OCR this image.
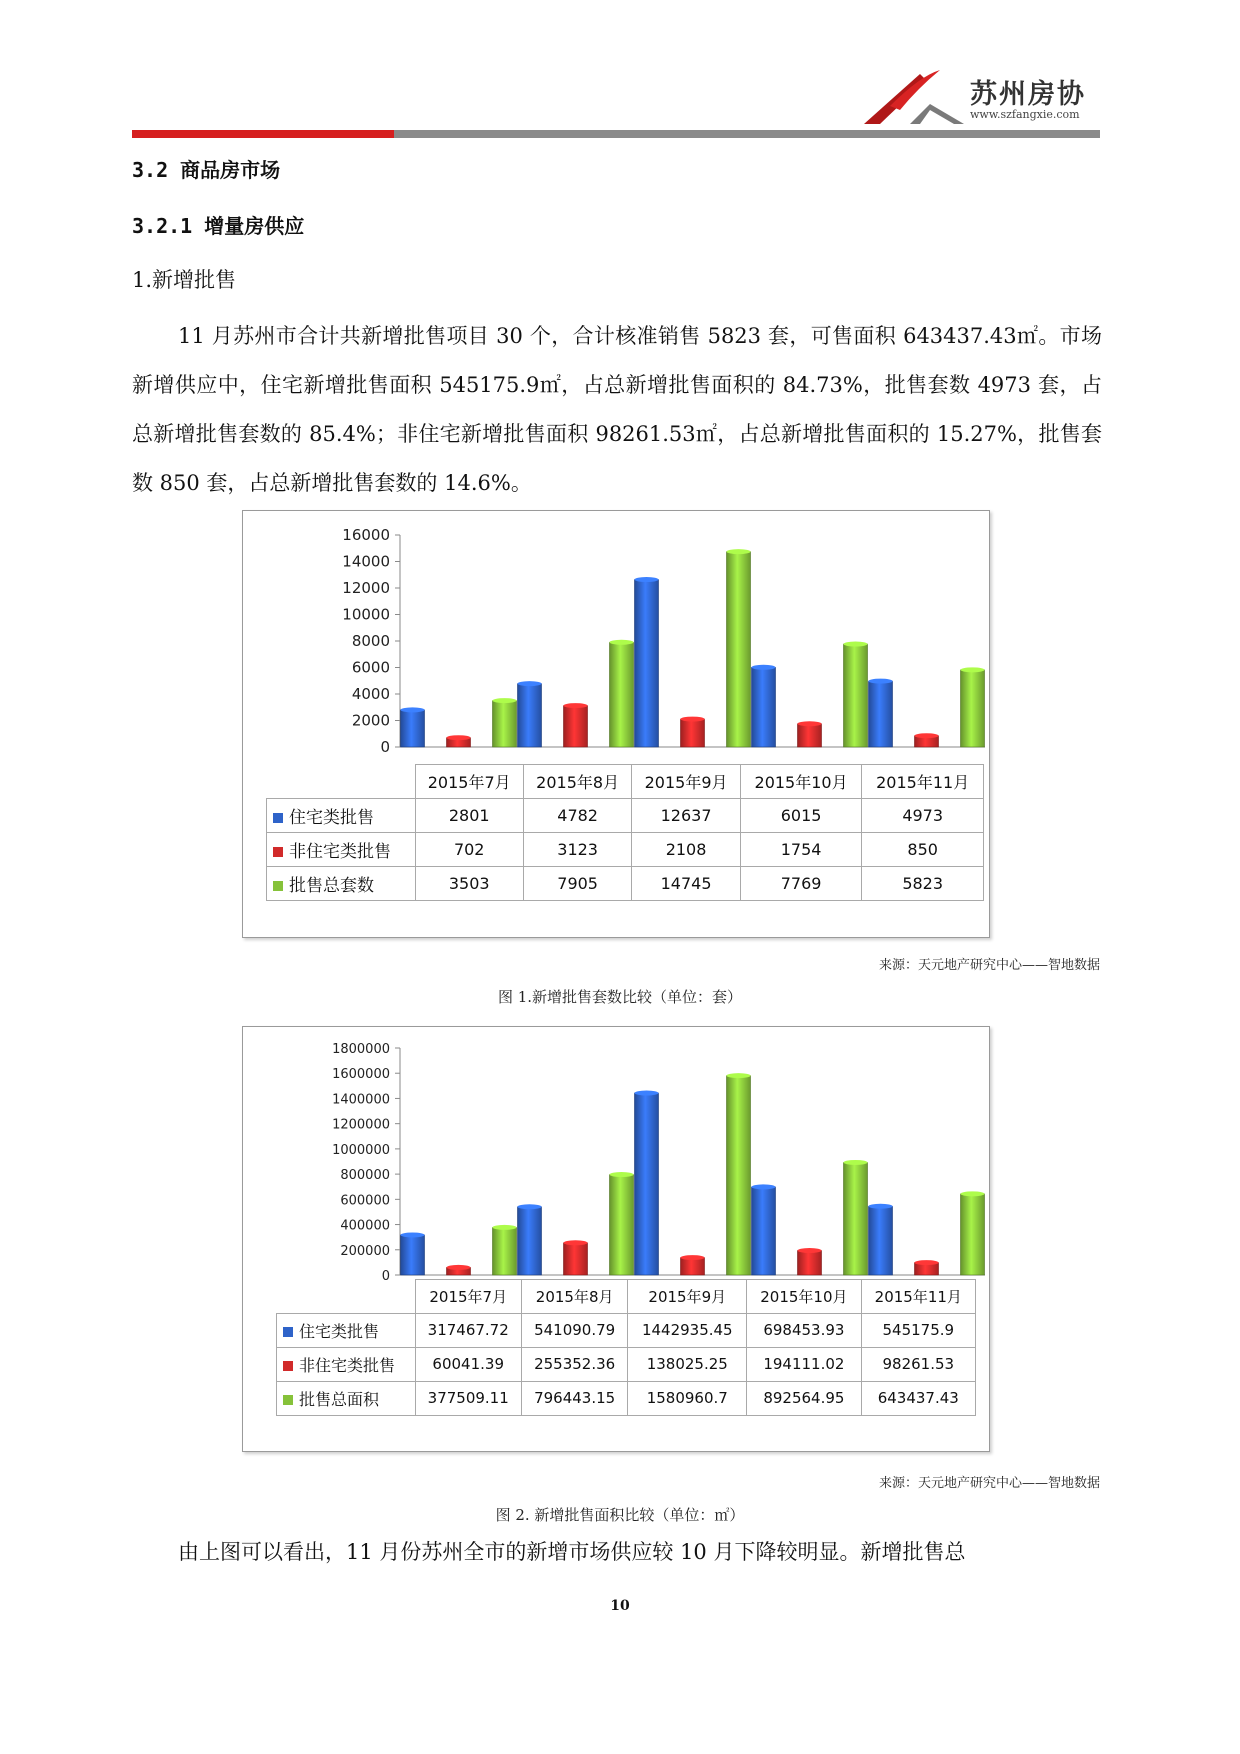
苏州房协
www.szfangxie.com
3.2 商品房市场
3.2.1 增量房供应
1.新增批售
11 月苏州市合计共新增批售项目 30 个，合计核准销售 5823 套，可售面积 643437.43㎡。市场新增供应中，住宅新增批售面积 545175.9㎡，占总新增批售面积的 84.73%，批售套数 4973 套，占总新增批售套数的 85.4%；非住宅新增批售面积 98261.53㎡，占总新增批售面积的 15.27%，批售套数 850 套，占总新增批售套数的 14.6%。
0
2000
4000
6000
8000
10000
12000
14000
16000
	2015年7月	2015年8月	2015年9月	2015年10月	2015年11月
住宅类批售	2801	4782	12637	6015	4973
非住宅类批售	702	3123	2108	1754	850
批售总套数	3503	7905	14745	7769	5823
来源：天元地产研究中心——智地数据
图 1.新增批售套数比较（单位：套）
0
200000
400000
600000
800000
1000000
1200000
1400000
1600000
1800000
	2015年7月	2015年8月	2015年9月	2015年10月	2015年11月
住宅类批售	317467.72	541090.79	1442935.45	698453.93	545175.9
非住宅类批售	60041.39	255352.36	138025.25	194111.02	98261.53
批售总面积	377509.11	796443.15	1580960.7	892564.95	643437.43
来源：天元地产研究中心——智地数据
图 2. 新增批售面积比较（单位：㎡）
由上图可以看出，11 月份苏州全市的新增市场供应较 10 月下降较明显。新增批售总
10
